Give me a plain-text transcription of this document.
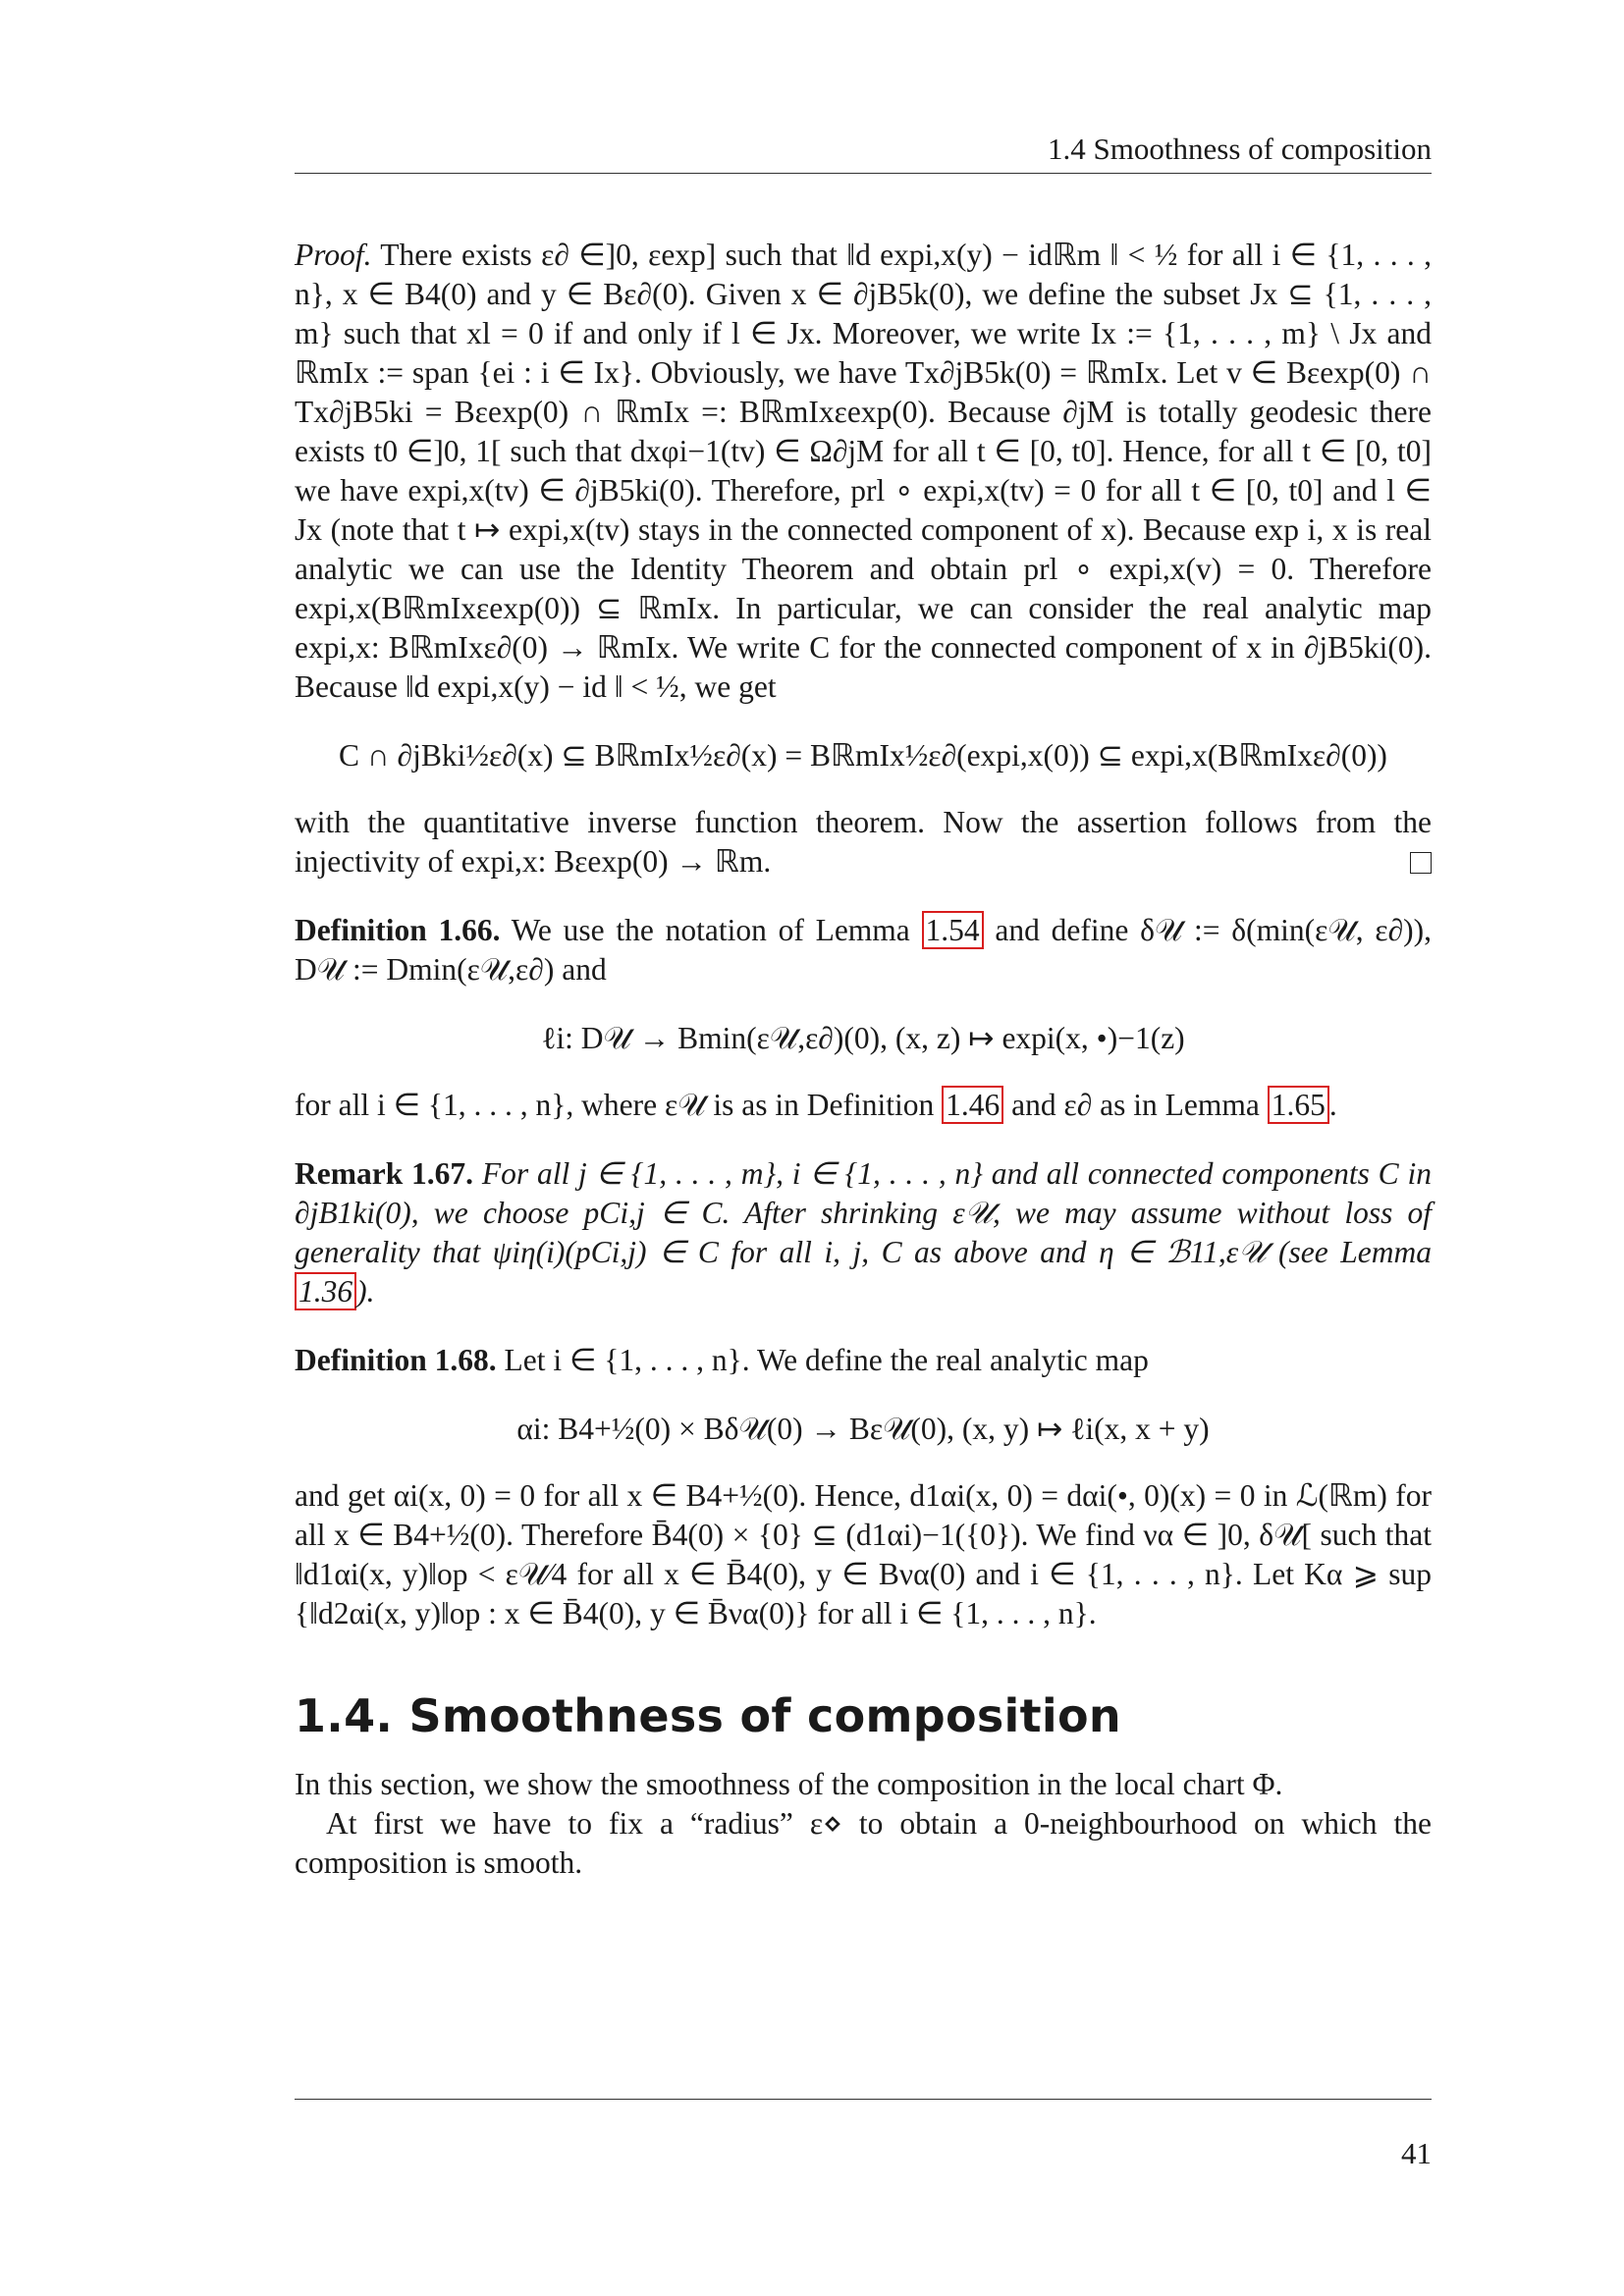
1.4 Smoothness of composition

Proof. There exists ε∂ ∈]0, εexp] such that ‖d expi,x(y) − idℝm ‖ < ½ for all i ∈ {1, . . . , n}, x ∈ B4(0) and y ∈ Bε∂(0). Given x ∈ ∂jB5k(0), we define the subset Jx ⊆ {1, . . . , m} such that xl = 0 if and only if l ∈ Jx. Moreover, we write Ix := {1, . . . , m} \ Jx and ℝmIx := span {ei : i ∈ Ix}. Obviously, we have Tx∂jB5k(0) = ℝmIx. Let v ∈ Bεexp(0) ∩ Tx∂jB5ki = Bεexp(0) ∩ ℝmIx =: BℝmIxεexp(0). Because ∂jM is totally geodesic there exists t0 ∈]0, 1[ such that dxφi−1(tv) ∈ Ω∂jM for all t ∈ [0, t0]. Hence, for all t ∈ [0, t0] we have expi,x(tv) ∈ ∂jB5ki(0). Therefore, prl ∘ expi,x(tv) = 0 for all t ∈ [0, t0] and l ∈ Jx (note that t ↦ expi,x(tv) stays in the connected component of x). Because exp i, x is real analytic we can use the Identity Theorem and obtain prl ∘ expi,x(v) = 0. Therefore expi,x(BℝmIxεexp(0)) ⊆ ℝmIx. In particular, we can consider the real analytic map expi,x: BℝmIxε∂(0) → ℝmIx. We write C for the connected component of x in ∂jB5ki(0). Because ‖d expi,x(y) − id ‖ < ½, we get

C ∩ ∂jBki½ε∂(x) ⊆ BℝmIx½ε∂(x) = BℝmIx½ε∂(expi,x(0)) ⊆ expi,x(BℝmIxε∂(0))

with the quantitative inverse function theorem. Now the assertion follows from the injectivity of expi,x: Bεexp(0) → ℝm.

Definition 1.66. We use the notation of Lemma 1.54 and define δ𝒰 := δ(min(ε𝒰, ε∂)), D𝒰 := Dmin(ε𝒰,ε∂) and

ℓi: D𝒰 → Bmin(ε𝒰,ε∂)(0), (x, z) ↦ expi(x, •)−1(z)

for all i ∈ {1, . . . , n}, where ε𝒰 is as in Definition 1.46 and ε∂ as in Lemma 1.65 .

Remark 1.67. For all j ∈ {1, . . . , m}, i ∈ {1, . . . , n} and all connected components C in ∂jB1ki(0), we choose pCi,j ∈ C. After shrinking ε𝒰, we may assume without loss of generality that ψiη(i)(pCi,j) ∈ C for all i, j, C as above and η ∈ ℬ11,ε𝒰 (see Lemma 1.36 ).

Definition 1.68. Let i ∈ {1, . . . , n}. We define the real analytic map

αi: B4+½(0) × Bδ𝒰(0) → Bε𝒰(0), (x, y) ↦ ℓi(x, x + y)

and get αi(x, 0) = 0 for all x ∈ B4+½(0). Hence, d1αi(x, 0) = dαi(•, 0)(x) = 0 in ℒ(ℝm) for all x ∈ B4+½(0). Therefore B̄4(0) × {0} ⊆ (d1αi)−1({0}). We find να ∈ ]0, δ𝒰[ such that ‖d1αi(x, y)‖op < ε𝒰⁄4 for all x ∈ B̄4(0), y ∈ Bνα(0) and i ∈ {1, . . . , n}. Let Kα ⩾ sup {‖d2αi(x, y)‖op : x ∈ B̄4(0), y ∈ B̄να(0)} for all i ∈ {1, . . . , n}.

1.4. Smoothness of composition

In this section, we show the smoothness of the composition in the local chart Φ.

At first we have to fix a “radius” ε⋄ to obtain a 0-neighbourhood on which the composition is smooth.

41
